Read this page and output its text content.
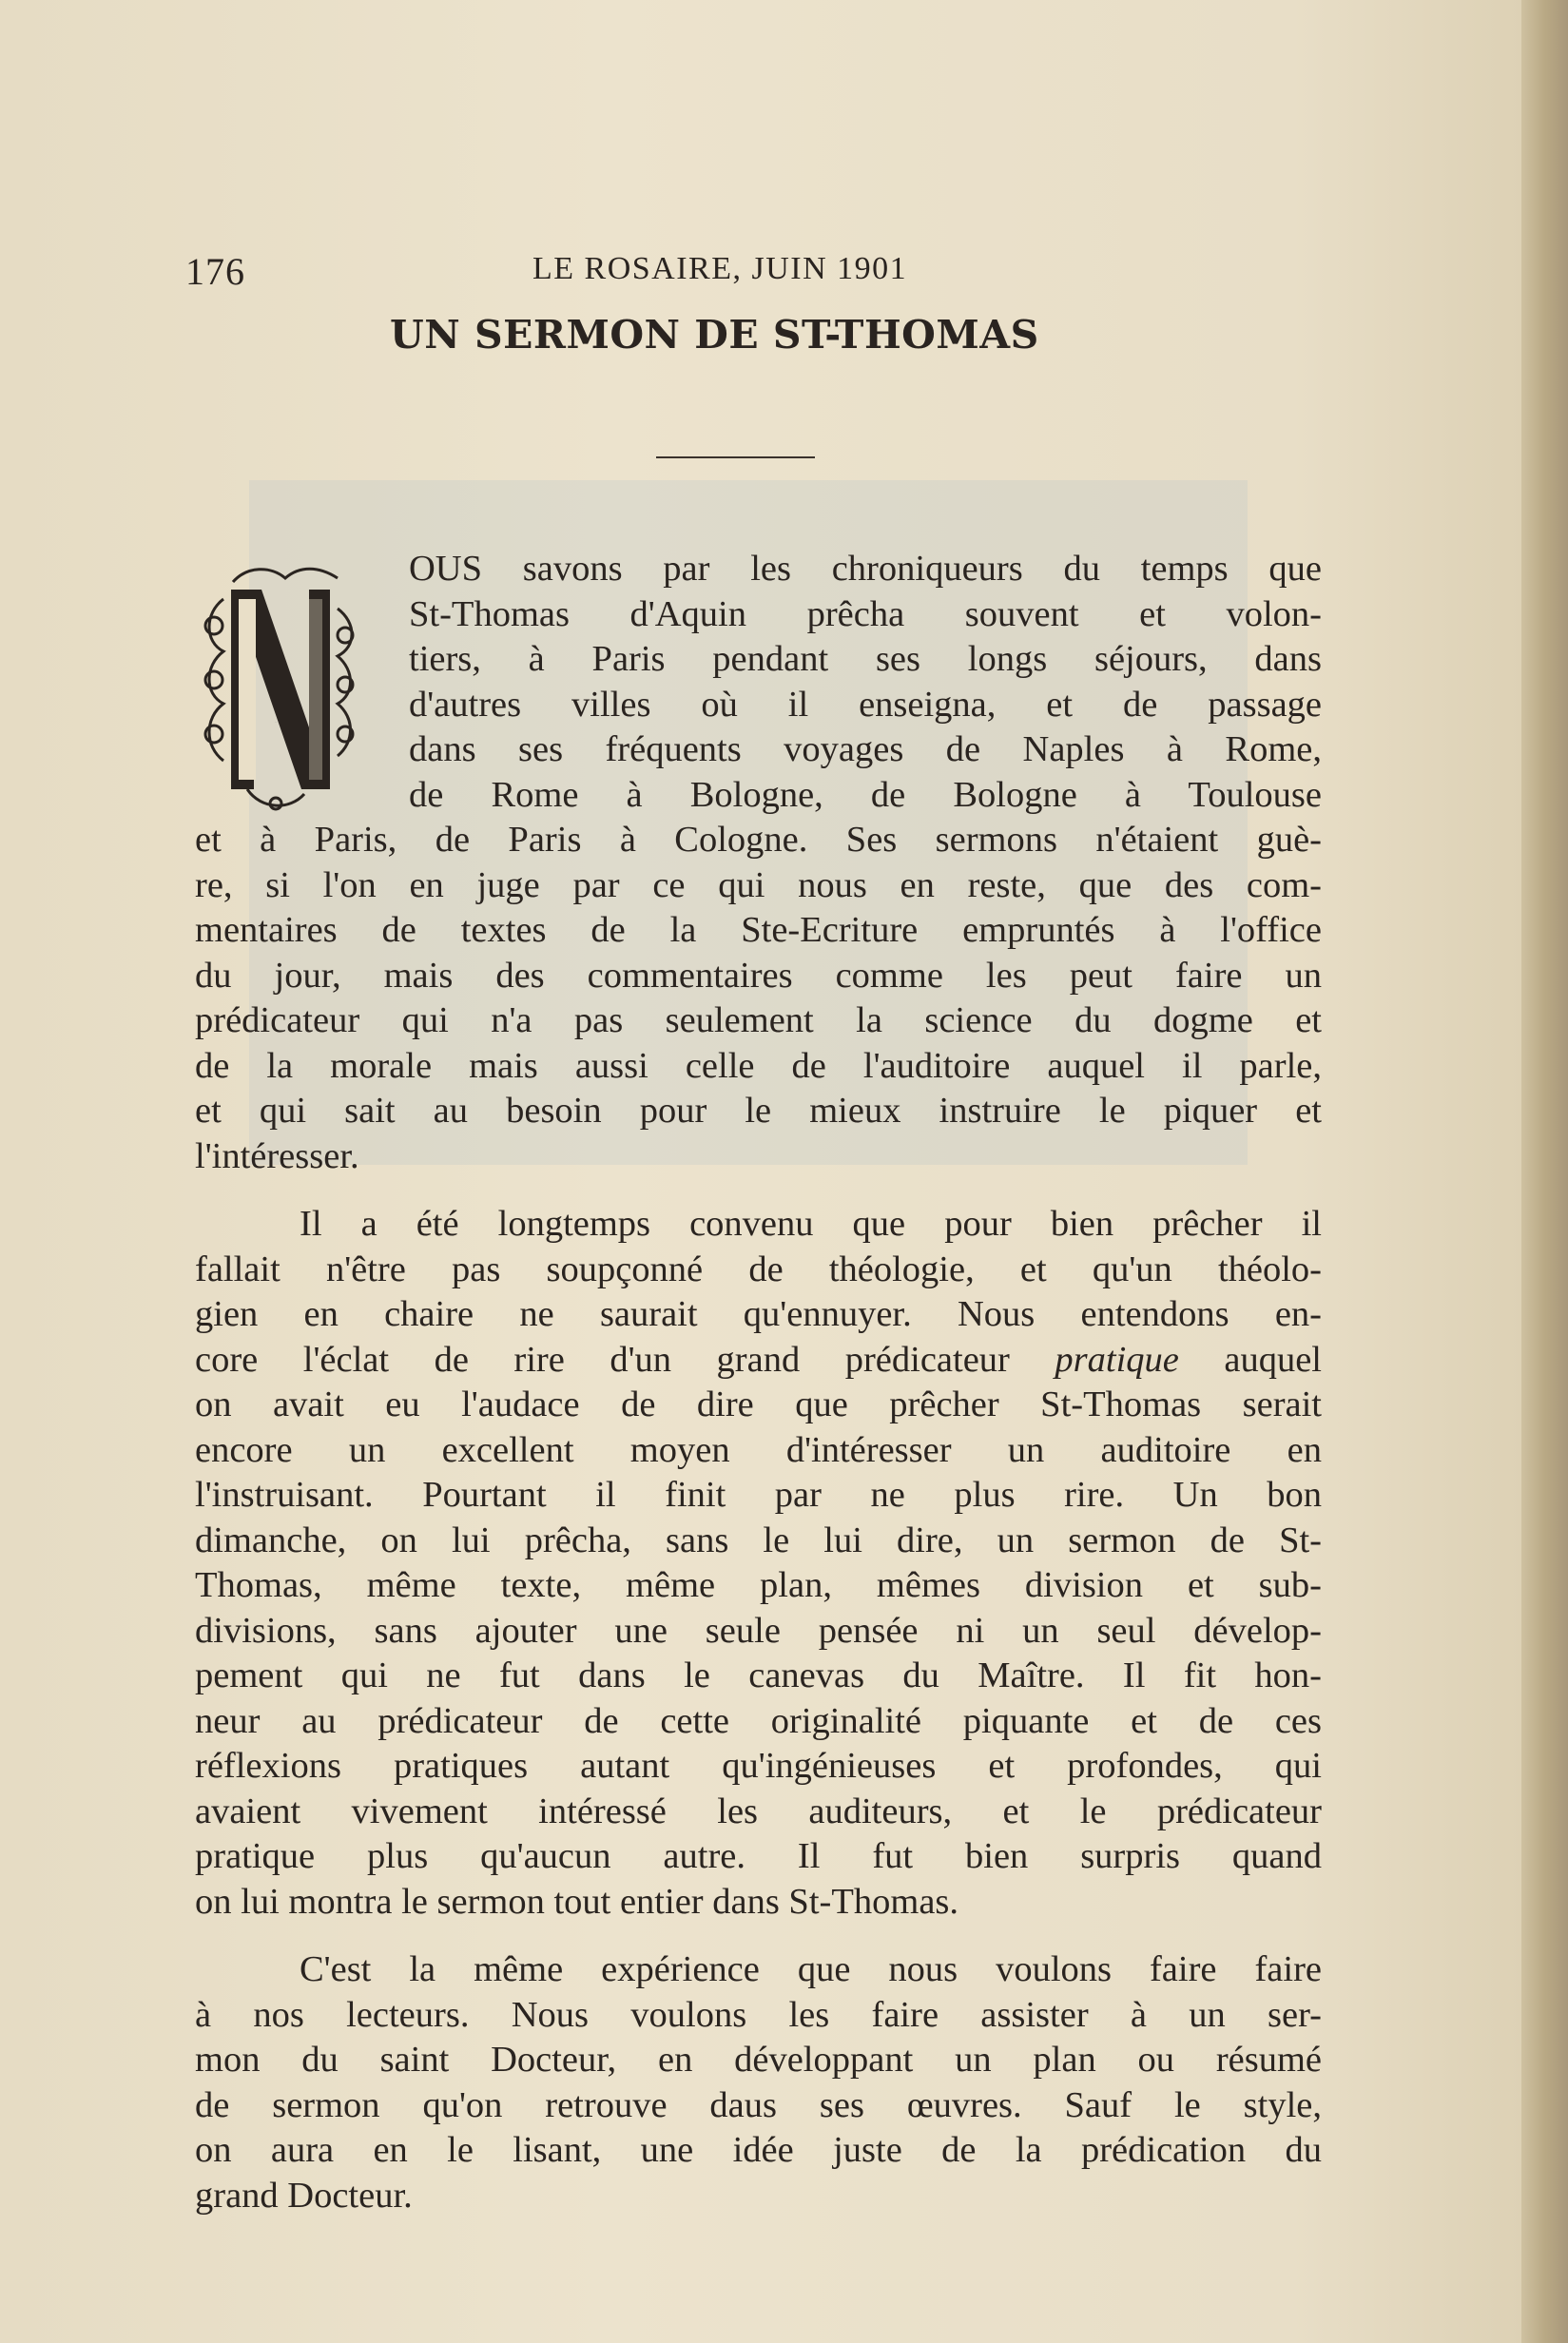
176	LE ROSAIRE, JUIN 1901
UN SERMON DE ST-THOMAS
N
OUS savons par les chroniqueurs du temps que
St-Thomas d'Aquin prêcha souvent et volon-
tiers, à Paris pendant ses longs séjours, dans
d'autres villes où il enseigna, et de passage
dans ses fréquents voyages de Naples à Rome,
de Rome à Bologne, de Bologne à Toulouse
et à Paris, de Paris à Cologne. Ses sermons n'étaient guè-
re, si l'on en juge par ce qui nous en reste, que des com-
mentaires de textes de la Ste-Ecriture empruntés à l'office
du jour, mais des commentaires comme les peut faire un
prédicateur qui n'a pas seulement la science du dogme et
de la morale mais aussi celle de l'auditoire auquel il parle,
et qui sait au besoin pour le mieux instruire le piquer et
l'intéresser.
Il a été longtemps convenu que pour bien prêcher il
fallait n'être pas soupçonné de théologie, et qu'un théolo-
gien en chaire ne saurait qu'ennuyer. Nous entendons en-
core l'éclat de rire d'un grand prédicateur pratique auquel
on avait eu l'audace de dire que prêcher St-Thomas serait
encore un excellent moyen d'intéresser un auditoire en
l'instruisant. Pourtant il finit par ne plus rire. Un bon
dimanche, on lui prêcha, sans le lui dire, un sermon de St-
Thomas, même texte, même plan, mêmes division et sub-
divisions, sans ajouter une seule pensée ni un seul dévelop-
pement qui ne fut dans le canevas du Maître. Il fit hon-
neur au prédicateur de cette originalité piquante et de ces
réflexions pratiques autant qu'ingénieuses et profondes, qui
avaient vivement intéressé les auditeurs, et le prédicateur
pratique plus qu'aucun autre. Il fut bien surpris quand
on lui montra le sermon tout entier dans St-Thomas.
C'est la même expérience que nous voulons faire faire
à nos lecteurs. Nous voulons les faire assister à un ser-
mon du saint Docteur, en développant un plan ou résumé
de sermon qu'on retrouve daus ses œuvres. Sauf le style,
on aura en le lisant, une idée juste de la prédication du
grand Docteur.
